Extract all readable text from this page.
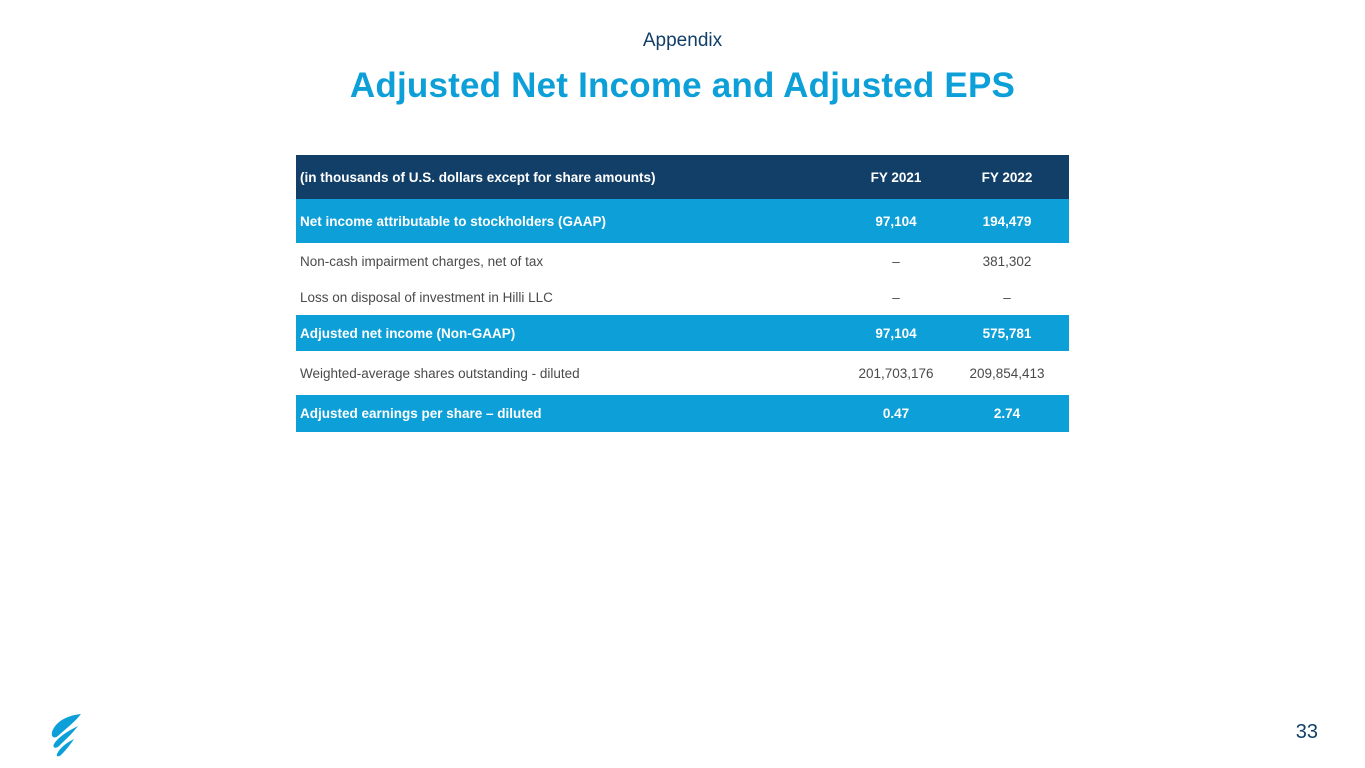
Appendix
Adjusted Net Income and Adjusted EPS
(in thousands of U.S. dollars except for share amounts)	FY 2021	FY 2022
Net income attributable to stockholders (GAAP)	97,104	194,479
Non-cash impairment charges, net of tax	–	381,302
Loss on disposal of investment in Hilli LLC	–	–
Adjusted net income (Non-GAAP)	97,104	575,781
Weighted-average shares outstanding - diluted	201,703,176	209,854,413
Adjusted earnings per share – diluted	0.47	2.74
33
